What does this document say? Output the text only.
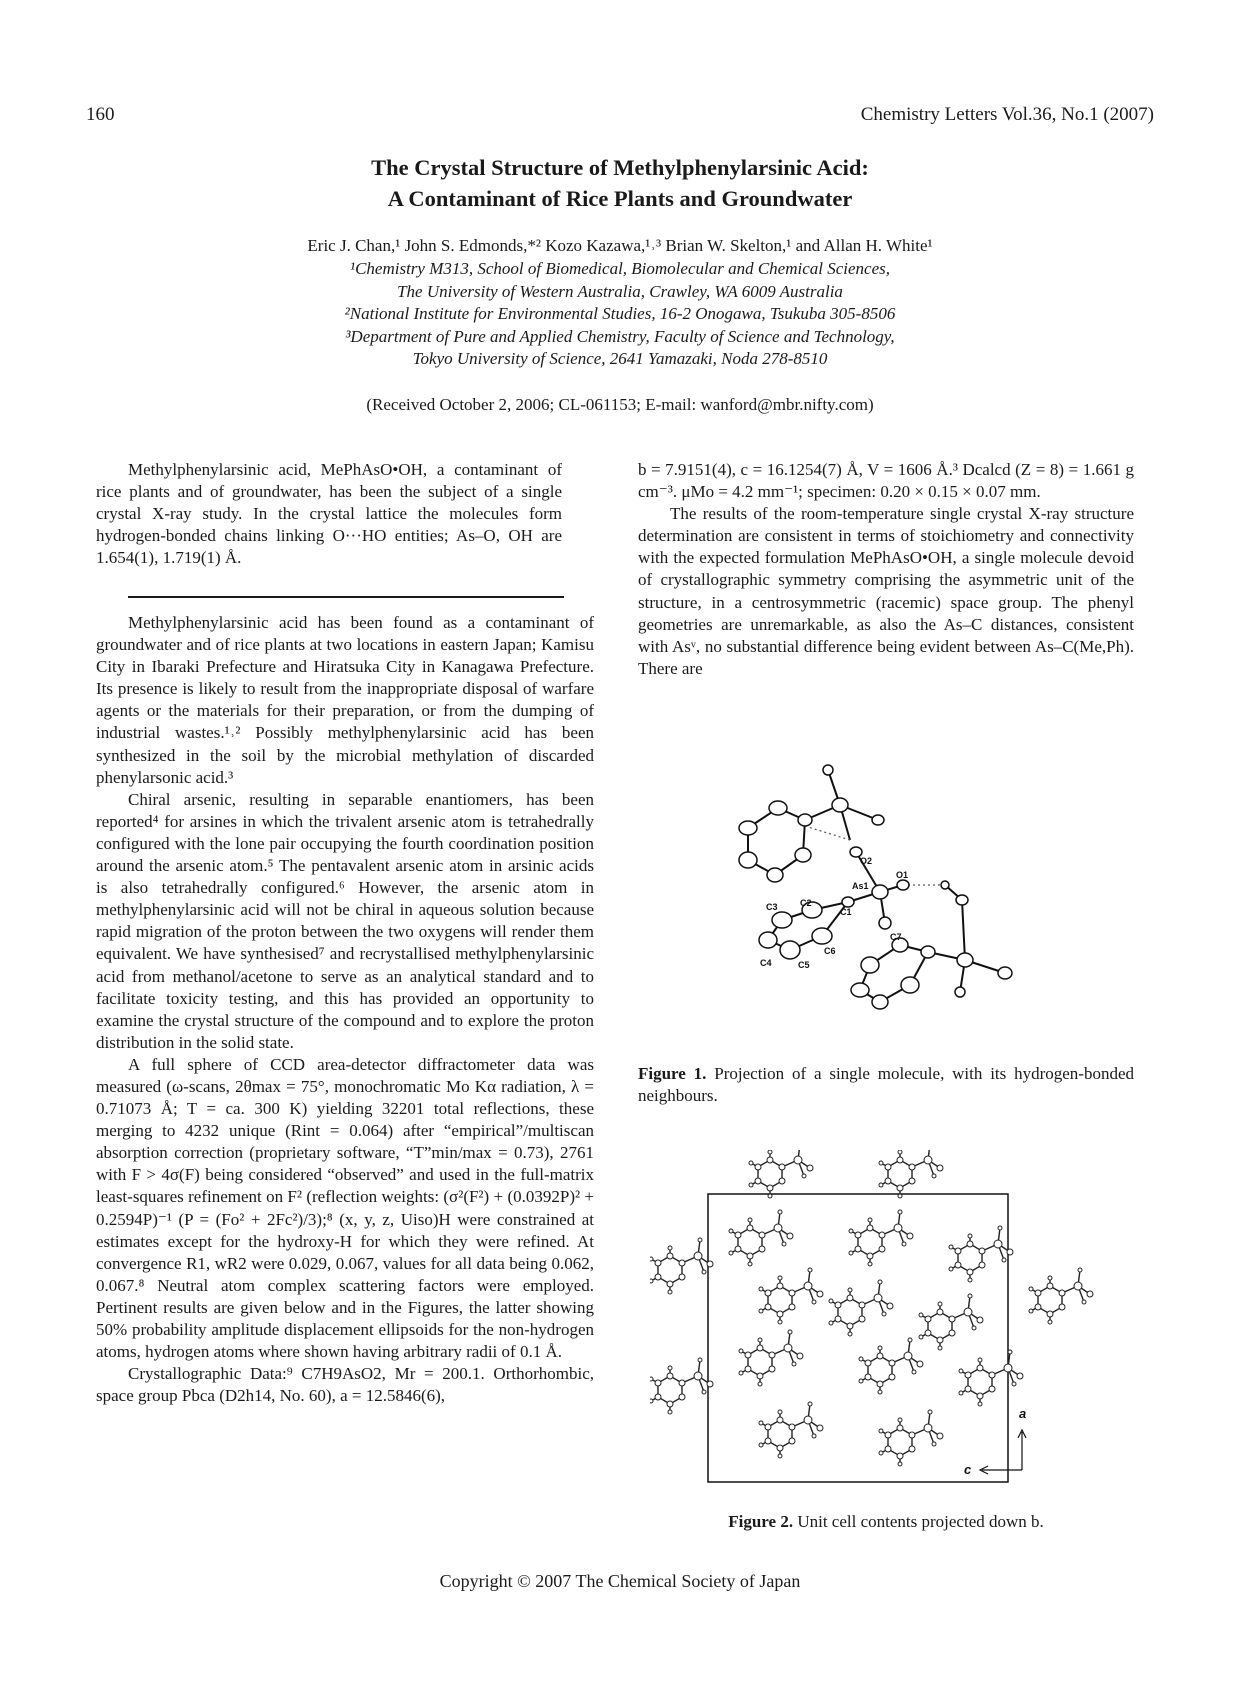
160	Chemistry Letters Vol.36, No.1 (2007)
The Crystal Structure of Methylphenylarsinic Acid:
A Contaminant of Rice Plants and Groundwater
Eric J. Chan,¹ John S. Edmonds,*² Kozo Kazawa,¹˒³ Brian W. Skelton,¹ and Allan H. White¹
¹Chemistry M313, School of Biomedical, Biomolecular and Chemical Sciences,
The University of Western Australia, Crawley, WA 6009 Australia
²National Institute for Environmental Studies, 16-2 Onogawa, Tsukuba 305-8506
³Department of Pure and Applied Chemistry, Faculty of Science and Technology,
Tokyo University of Science, 2641 Yamazaki, Noda 278-8510
(Received October 2, 2006; CL-061153; E-mail: wanford@mbr.nifty.com)

Methylphenylarsinic acid, MePhAsO•OH, a contaminant of rice plants and of groundwater, has been the subject of a single crystal X-ray study. In the crystal lattice the molecules form hydrogen-bonded chains linking O···HO entities; As–O, OH are 1.654(1), 1.719(1) Å.

Methylphenylarsinic acid has been found as a contaminant of groundwater and of rice plants at two locations in eastern Japan; Kamisu City in Ibaraki Prefecture and Hiratsuka City in Kanagawa Prefecture. Its presence is likely to result from the inappropriate disposal of warfare agents or the materials for their preparation, or from the dumping of industrial wastes.¹˒² Possibly methylphenylarsinic acid has been synthesized in the soil by the microbial methylation of discarded phenylarsonic acid.³

Chiral arsenic, resulting in separable enantiomers, has been reported⁴ for arsines in which the trivalent arsenic atom is tetrahedrally configured with the lone pair occupying the fourth coordination position around the arsenic atom.⁵ The pentavalent arsenic atom in arsinic acids is also tetrahedrally configured.⁶ However, the arsenic atom in methylphenylarsinic acid will not be chiral in aqueous solution because rapid migration of the proton between the two oxygens will render them equivalent. We have synthesised⁷ and recrystallised methylphenylarsinic acid from methanol/acetone to serve as an analytical standard and to facilitate toxicity testing, and this has provided an opportunity to examine the crystal structure of the compound and to explore the proton distribution in the solid state.

A full sphere of CCD area-detector diffractometer data was measured (ω-scans, 2θmax = 75°, monochromatic Mo Kα radiation, λ = 0.71073 Å; T = ca. 300 K) yielding 32201 total reflections, these merging to 4232 unique (Rint = 0.064) after “empirical”/multiscan absorption correction (proprietary software, “T”min/max = 0.73), 2761 with F > 4σ(F) being considered “observed” and used in the full-matrix least-squares refinement on F² (reflection weights: (σ²(F²) + (0.0392P)² + 0.2594P)⁻¹ (P = (Fo² + 2Fc²)/3);⁸ (x, y, z, Uiso)H were constrained at estimates except for the hydroxy-H for which they were refined. At convergence R1, wR2 were 0.029, 0.067, values for all data being 0.062, 0.067.⁸ Neutral atom complex scattering factors were employed. Pertinent results are given below and in the Figures, the latter showing 50% probability amplitude displacement ellipsoids for the non-hydrogen atoms, hydrogen atoms where shown having arbitrary radii of 0.1 Å.

Crystallographic Data:⁹ C7H9AsO2, Mr = 200.1. Orthorhombic, space group Pbca (D2h14, No. 60), a = 12.5846(6),

b = 7.9151(4), c = 16.1254(7) Å, V = 1606 Å.³ Dcalcd (Z = 8) = 1.661 g cm⁻³. μMo = 4.2 mm⁻¹; specimen: 0.20 × 0.15 × 0.07 mm.

The results of the room-temperature single crystal X-ray structure determination are consistent in terms of stoichiometry and connectivity with the expected formulation MePhAsO•OH, a single molecule devoid of crystallographic symmetry comprising the asymmetric unit of the structure, in a centrosymmetric (racemic) space group. The phenyl geometries are unremarkable, as also the As–C distances, consistent with Asᵛ, no substantial difference being evident between As–C(Me,Ph). There are

O2
O1
As1
C1
C2
C3
C4	C5
C6
C7
Figure 1. Projection of a single molecule, with its hydrogen-bonded neighbours.
a
c
Figure 2. Unit cell contents projected down b.
Copyright © 2007 The Chemical Society of Japan
